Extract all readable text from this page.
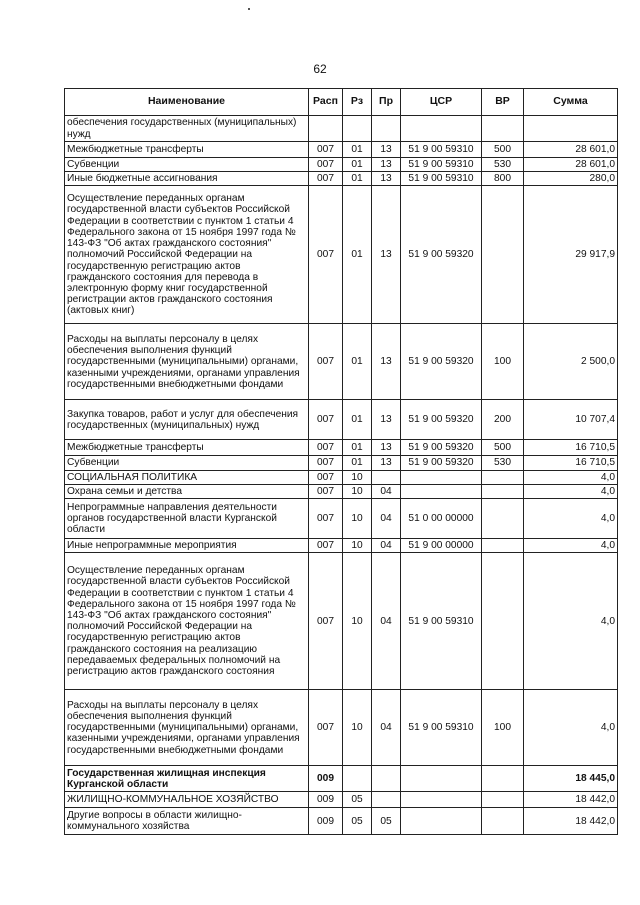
62
Наименование	Расп	Рз	Пр	ЦСР	ВР	Сумма
обеспечения государственных (муниципальных) нужд						
Межбюджетные трансферты	007	01	13	51 9 00 59310	500	28 601,0
Субвенции	007	01	13	51 9 00 59310	530	28 601,0
Иные бюджетные ассигнования	007	01	13	51 9 00 59310	800	280,0
Осуществление переданных органам государственной власти субъектов Российской Федерации в соответствии с пунктом 1 статьи 4 Федерального закона от 15 ноября 1997 года № 143-ФЗ "Об актах гражданского состояния" полномочий Российской Федерации на государственную регистрацию актов гражданского состояния для перевода в электронную форму книг государственной регистрации актов гражданского состояния (актовых книг)	007	01	13	51 9 00 59320		29 917,9
Расходы на выплаты персоналу в целях обеспечения выполнения функций государственными (муниципальными) органами, казенными учреждениями, органами управления государственными внебюджетными фондами	007	01	13	51 9 00 59320	100	2 500,0
Закупка товаров, работ и услуг для обеспечения государственных (муниципальных) нужд	007	01	13	51 9 00 59320	200	10 707,4
Межбюджетные трансферты	007	01	13	51 9 00 59320	500	16 710,5
Субвенции	007	01	13	51 9 00 59320	530	16 710,5
СОЦИАЛЬНАЯ ПОЛИТИКА	007	10				4,0
Охрана семьи и детства	007	10	04			4,0
Непрограммные направления деятельности органов государственной власти Курганской области	007	10	04	51 0 00 00000		4,0
Иные непрограммные мероприятия	007	10	04	51 9 00 00000		4,0
Осуществление переданных органам государственной власти субъектов Российской Федерации в соответствии с пунктом 1 статьи 4 Федерального закона от 15 ноября 1997 года № 143-ФЗ "Об актах гражданского состояния" полномочий Российской Федерации на государственную регистрацию актов гражданского состояния на реализацию передаваемых федеральных полномочий на регистрацию актов гражданского состояния	007	10	04	51 9 00 59310		4,0
Расходы на выплаты персоналу в целях обеспечения выполнения функций государственными (муниципальными) органами, казенными учреждениями, органами управления государственными внебюджетными фондами	007	10	04	51 9 00 59310	100	4,0
Государственная жилищная инспекция Курганской области	009					18 445,0
ЖИЛИЩНО-КОММУНАЛЬНОЕ ХОЗЯЙСТВО	009	05				18 442,0
Другие вопросы в области жилищно-коммунального хозяйства	009	05	05			18 442,0
